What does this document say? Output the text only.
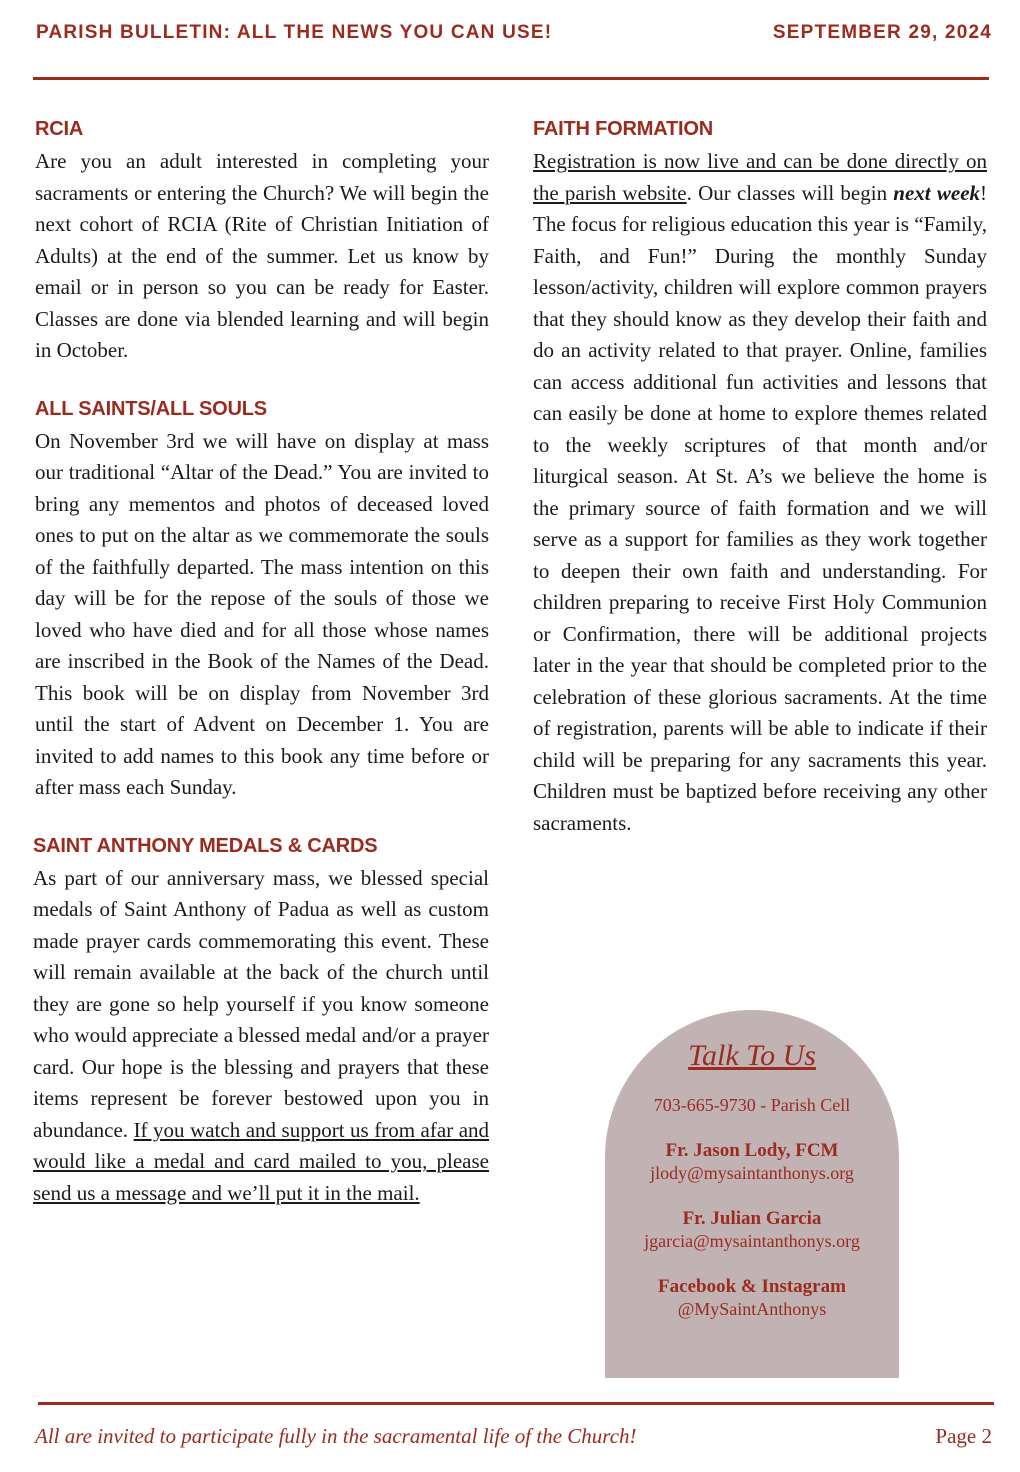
PARISH BULLETIN: ALL THE NEWS YOU CAN USE!	SEPTEMBER 29, 2024
RCIA

Are you an adult interested in completing your sacraments or entering the Church? We will begin the next cohort of RCIA (Rite of Christian Initiation of Adults) at the end of the summer. Let us know by email or in person so you can be ready for Easter. Classes are done via blended learning and will begin in October.

ALL SAINTS/ALL SOULS

On November 3rd we will have on display at mass our traditional “Altar of the Dead.” You are invited to bring any mementos and photos of deceased loved ones to put on the altar as we commemorate the souls of the faithfully departed. The mass intention on this day will be for the repose of the souls of those we loved who have died and for all those whose names are inscribed in the Book of the Names of the Dead. This book will be on display from November 3rd until the start of Advent on December 1. You are invited to add names to this book any time before or after mass each Sunday.

SAINT ANTHONY MEDALS & CARDS

As part of our anniversary mass, we blessed special medals of Saint Anthony of Padua as well as custom made prayer cards commemorating this event. These will remain available at the back of the church until they are gone so help yourself if you know someone who would appreciate a blessed medal and/or a prayer card. Our hope is the blessing and prayers that these items represent be forever bestowed upon you in abundance. If you watch and support us from afar and would like a medal and card mailed to you, please send us a message and we’ll put it in the mail.

FAITH FORMATION

Registration is now live and can be done directly on the parish website. Our classes will begin next week! The focus for religious education this year is “Family, Faith, and Fun!” During the monthly Sunday lesson/activity, children will explore common prayers that they should know as they develop their faith and do an activity related to that prayer. Online, families can access additional fun activities and lessons that can easily be done at home to explore themes related to the weekly scriptures of that month and/or liturgical season. At St. A’s we believe the home is the primary source of faith formation and we will serve as a support for families as they work together to deepen their own faith and understanding. For children preparing to receive First Holy Communion or Confirmation, there will be additional projects later in the year that should be completed prior to the celebration of these glorious sacraments. At the time of registration, parents will be able to indicate if their child will be preparing for any sacraments this year. Children must be baptized before receiving any other sacraments.

Talk To Us
703-665-9730 - Parish Cell
Fr. Jason Lody, FCM
jlody@mysaintanthonys.org
Fr. Julian Garcia
jgarcia@mysaintanthonys.org
Facebook & Instagram
@MySaintAnthonys
All are invited to participate fully in the sacramental life of the Church!	Page 2
